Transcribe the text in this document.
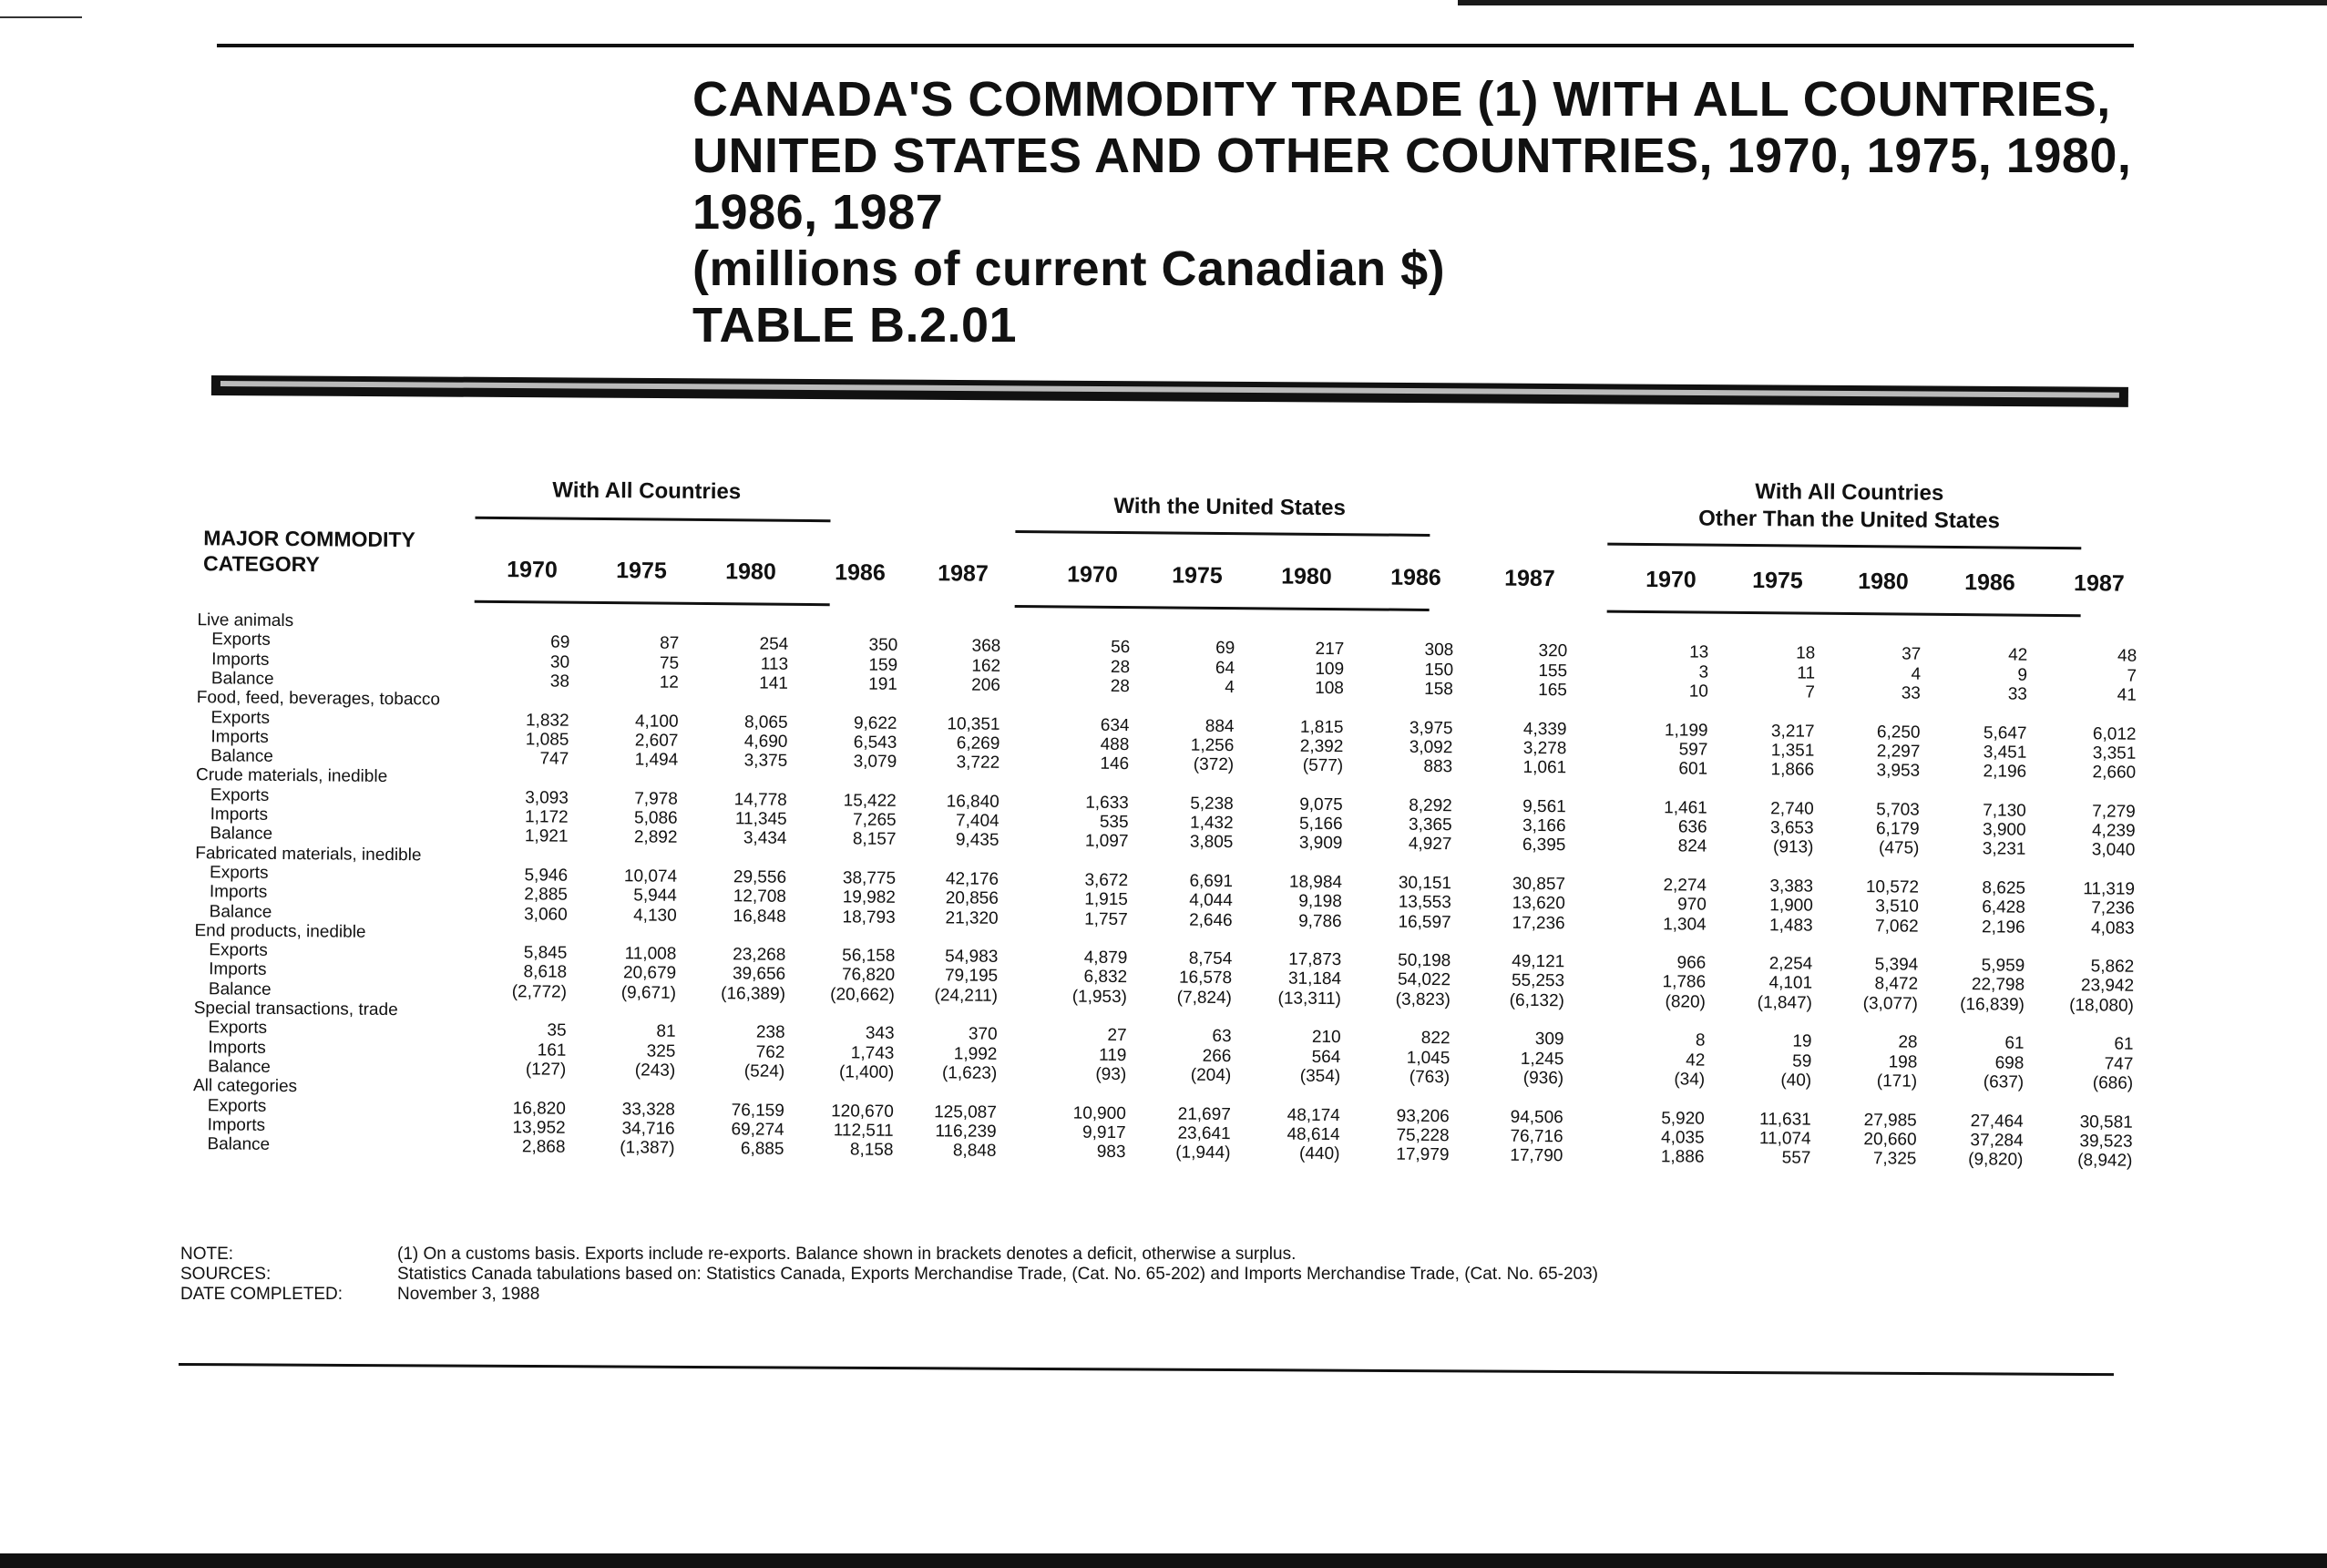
CANADA'S COMMODITY TRADE (1) WITH ALL COUNTRIES,
UNITED STATES AND OTHER COUNTRIES, 1970, 1975, 1980,
1986, 1987
(millions of current Canadian $)
TABLE B.2.01
With All Countries
With the United States
With All Countries
Other Than the United States
MAJOR COMMODITY
CATEGORY	1970	1975	1980	1986	1987	1970	1975	1980	1986	1987	1970	1975	1980	1986	1987
Live animals
Exports	69	87	254	350	368	56	69	217	308	320	13	18	37	42	48
Imports	30	75	113	159	162	28	64	109	150	155	3	11	4	9	7
Balance	38	12	141	191	206	28	4	108	158	165	10	7	33	33	41
Food, feed, beverages, tobacco
Exports	1,832	4,100	8,065	9,622	10,351	634	884	1,815	3,975	4,339	1,199	3,217	6,250	5,647	6,012
Imports	1,085	2,607	4,690	6,543	6,269	488	1,256	2,392	3,092	3,278	597	1,351	2,297	3,451	3,351
Balance	747	1,494	3,375	3,079	3,722	146	(372)	(577)	883	1,061	601	1,866	3,953	2,196	2,660
Crude materials, inedible
Exports	3,093	7,978	14,778	15,422	16,840	1,633	5,238	9,075	8,292	9,561	1,461	2,740	5,703	7,130	7,279
Imports	1,172	5,086	11,345	7,265	7,404	535	1,432	5,166	3,365	3,166	636	3,653	6,179	3,900	4,239
Balance	1,921	2,892	3,434	8,157	9,435	1,097	3,805	3,909	4,927	6,395	824	(913)	(475)	3,231	3,040
Fabricated materials, inedible
Exports	5,946	10,074	29,556	38,775	42,176	3,672	6,691	18,984	30,151	30,857	2,274	3,383	10,572	8,625	11,319
Imports	2,885	5,944	12,708	19,982	20,856	1,915	4,044	9,198	13,553	13,620	970	1,900	3,510	6,428	7,236
Balance	3,060	4,130	16,848	18,793	21,320	1,757	2,646	9,786	16,597	17,236	1,304	1,483	7,062	2,196	4,083
End products, inedible
Exports	5,845	11,008	23,268	56,158	54,983	4,879	8,754	17,873	50,198	49,121	966	2,254	5,394	5,959	5,862
Imports	8,618	20,679	39,656	76,820	79,195	6,832	16,578	31,184	54,022	55,253	1,786	4,101	8,472	22,798	23,942
Balance	(2,772)	(9,671)	(16,389)	(20,662)	(24,211)	(1,953)	(7,824)	(13,311)	(3,823)	(6,132)	(820)	(1,847)	(3,077)	(16,839)	(18,080)
Special transactions, trade
Exports	35	81	238	343	370	27	63	210	822	309	8	19	28	61	61
Imports	161	325	762	1,743	1,992	119	266	564	1,045	1,245	42	59	198	698	747
Balance	(127)	(243)	(524)	(1,400)	(1,623)	(93)	(204)	(354)	(763)	(936)	(34)	(40)	(171)	(637)	(686)
All categories
Exports	16,820	33,328	76,159	120,670	125,087	10,900	21,697	48,174	93,206	94,506	5,920	11,631	27,985	27,464	30,581
Imports	13,952	34,716	69,274	112,511	116,239	9,917	23,641	48,614	75,228	76,716	4,035	11,074	20,660	37,284	39,523
Balance	2,868	(1,387)	6,885	8,158	8,848	983	(1,944)	(440)	17,979	17,790	1,886	557	7,325	(9,820)	(8,942)
NOTE:	(1) On a customs basis. Exports include re-exports. Balance shown in brackets denotes a deficit, otherwise a surplus.
SOURCES:	Statistics Canada tabulations based on: Statistics Canada, Exports Merchandise Trade, (Cat. No. 65-202) and Imports Merchandise Trade, (Cat. No. 65-203)
DATE COMPLETED:	November 3, 1988
